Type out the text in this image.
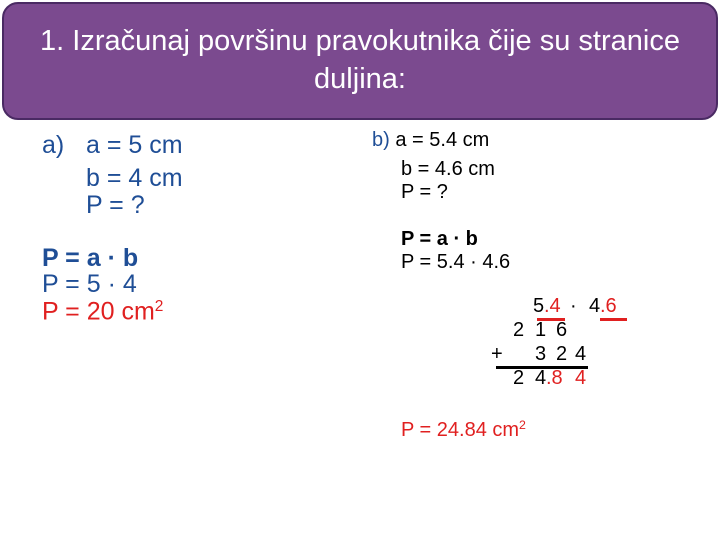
1. Izračunaj površinu pravokutnika čije su stranice
duljina:
a) a = 5 cm
b = 4 cm
P = ?
P = a · b
P = 5 · 4
P = 20 $cm^2$
b) a = 5.4 cm
b = 4.6 cm
P = ?
P = a · b
P = 5.4 · 4.6
5 .4 · 4 .6
2 1 6
+ 3 2 4
2 4 .8 4
P = 24.84 $cm^2$
